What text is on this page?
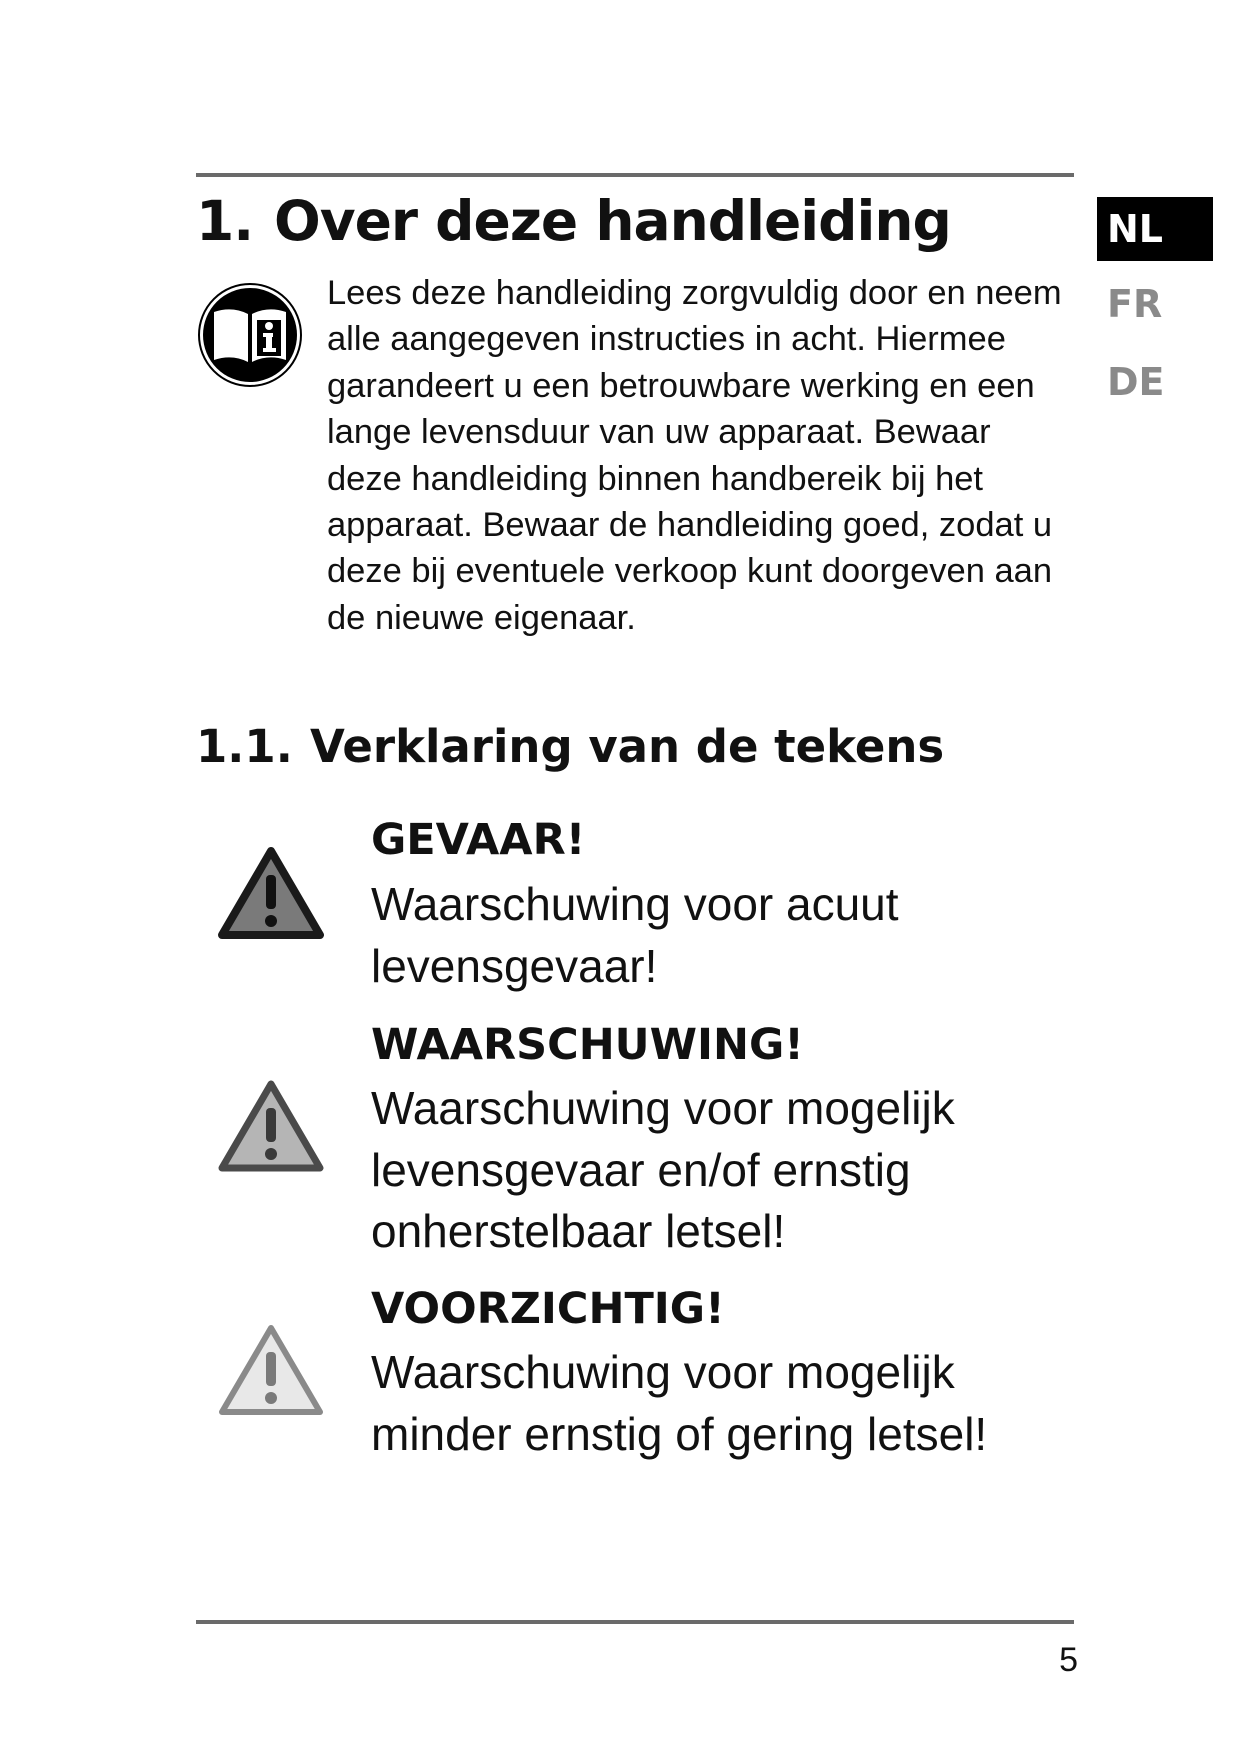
1. Over deze handleiding

Lees deze handleiding zorgvuldig door en neem alle aangegeven instructies in acht. Hiermee garandeert u een betrouwbare werking en een lange levensduur van uw apparaat. Bewaar deze handleiding binnen handbereik bij het apparaat. Bewaar de handleiding goed, zodat u deze bij eventuele verkoop kunt doorgeven aan de nieuwe eigenaar.

NL
FR
DE
1.1. Verklaring van de tekens
GEVAAR!

Waarschuwing voor acuut levensgevaar!

WAARSCHUWING!

Waarschuwing voor mogelijk levensgevaar en/of ernstig onherstelbaar letsel!

VOORZICHTIG!

Waarschuwing voor mogelijk minder ernstig of gering letsel!

5
